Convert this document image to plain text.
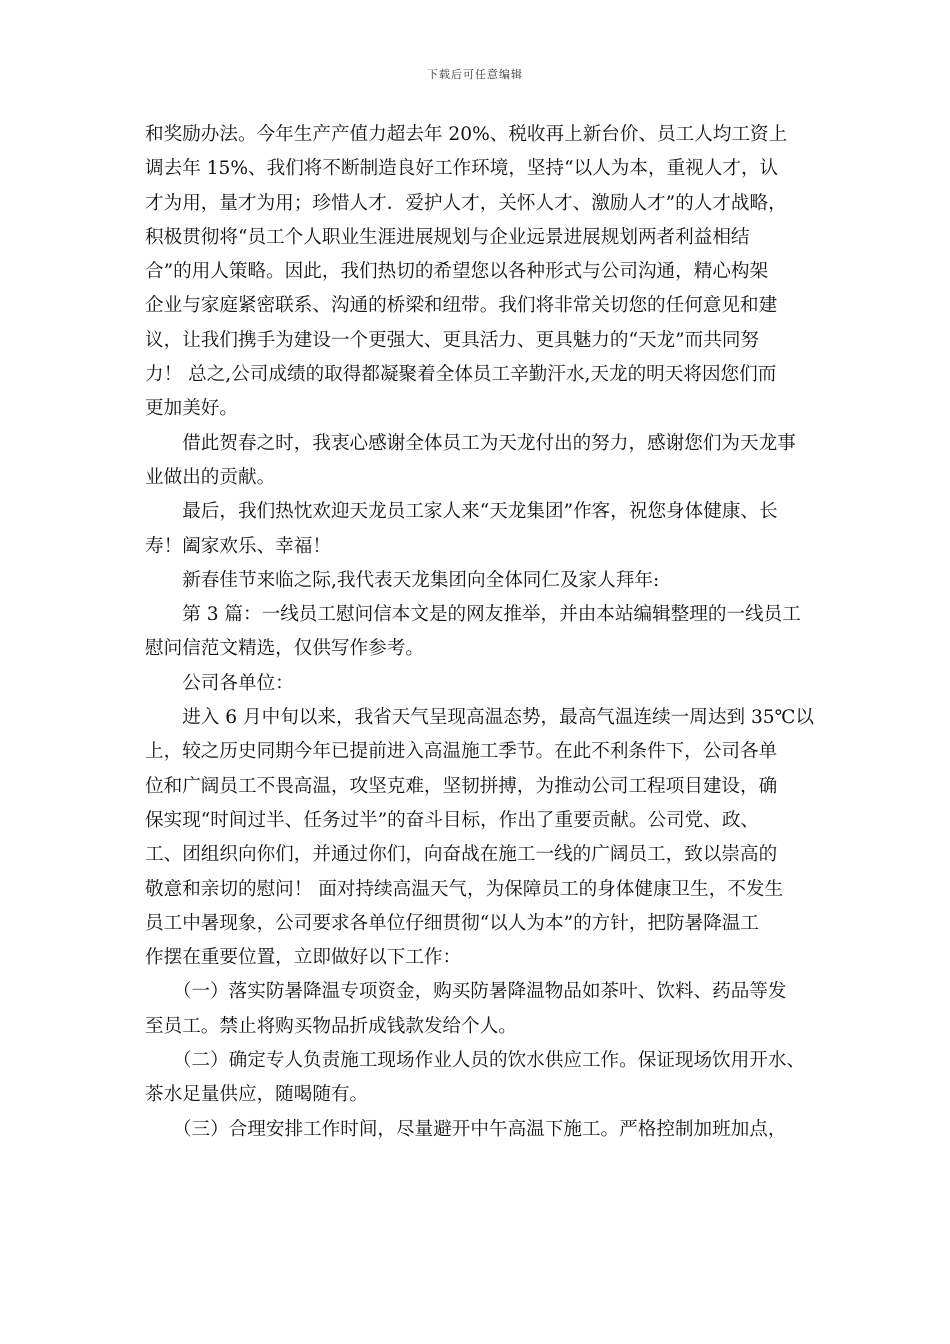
下载后可任意编辑
和奖励办法。今年生产产值力超去年 20%、税收再上新台价、员工人均工资上
调去年 15%、我们将不断制造良好工作环境，坚持“以人为本，重视人才，认
才为用，量才为用；珍惜人才．爱护人才，关怀人才、激励人才”的人才战略，
积极贯彻将“员工个人职业生涯进展规划与企业远景进展规划两者利益相结
合”的用人策略。因此，我们热切的希望您以各种形式与公司沟通，精心构架
企业与家庭紧密联系、沟通的桥梁和纽带。我们将非常关切您的任何意见和建
议，让我们携手为建设一个更强大、更具活力、更具魅力的“天龙”而共同努
力！ 总之,公司成绩的取得都凝聚着全体员工辛勤汗水,天龙的明天将因您们而
更加美好。
　　借此贺春之时，我衷心感谢全体员工为天龙付出的努力，感谢您们为天龙事
业做出的贡献。
　　最后，我们热忱欢迎天龙员工家人来“天龙集团”作客，祝您身体健康、长
寿！阖家欢乐、幸福！
　　新春佳节来临之际,我代表天龙集团向全体同仁及家人拜年:
　　第 3 篇：一线员工慰问信本文是的网友推举，并由本站编辑整理的一线员工
慰问信范文精选，仅供写作参考。
　　公司各单位：
　　进入 6 月中旬以来，我省天气呈现高温态势，最高气温连续一周达到 35℃以
上，较之历史同期今年已提前进入高温施工季节。在此不利条件下，公司各单
位和广阔员工不畏高温，攻坚克难，坚韧拼搏，为推动公司工程项目建设，确
保实现“时间过半、任务过半”的奋斗目标，作出了重要贡献。公司党、政、
工、团组织向你们，并通过你们，向奋战在施工一线的广阔员工，致以崇高的
敬意和亲切的慰问！ 面对持续高温天气，为保障员工的身体健康卫生，不发生
员工中暑现象，公司要求各单位仔细贯彻“以人为本”的方针，把防暑降温工
作摆在重要位置，立即做好以下工作：
　　（一）落实防暑降温专项资金，购买防暑降温物品如茶叶、饮料、药品等发
至员工。禁止将购买物品折成钱款发给个人。
　　（二）确定专人负责施工现场作业人员的饮水供应工作。保证现场饮用开水、
茶水足量供应，随喝随有。
　　（三）合理安排工作时间，尽量避开中午高温下施工。严格控制加班加点，
